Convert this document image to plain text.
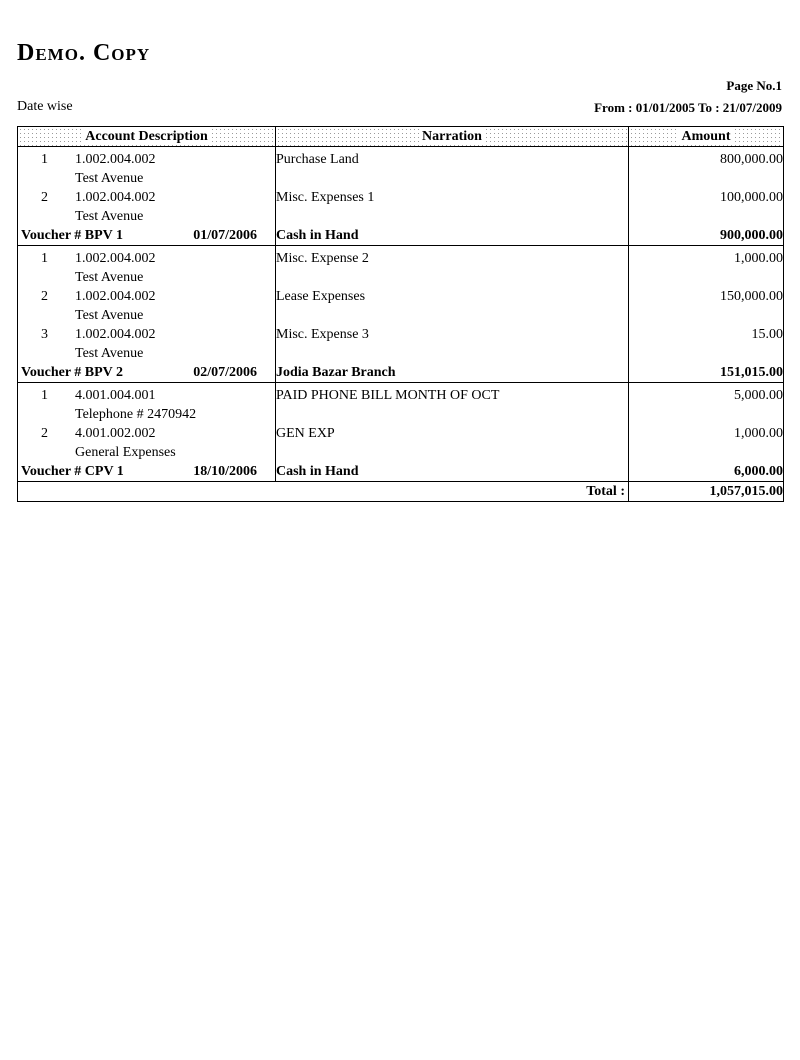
Demo. Copy
Page No.1
Date wise	From : 01/01/2005 To : 21/07/2009
Account Description	Narration	Amount

1 1.002.004.002	Purchase Land	800,000.00
Test Avenue		

2 1.002.004.002	Misc. Expenses 1	100,000.00
Test Avenue		

Voucher # BPV 1 01/07/2006	Cash in Hand	900,000.00

1 1.002.004.002	Misc. Expense 2	1,000.00
Test Avenue		

2 1.002.004.002	Lease Expenses	150,000.00
Test Avenue		

3 1.002.004.002	Misc. Expense 3	15.00
Test Avenue		

Voucher # BPV 2 02/07/2006	Jodia Bazar Branch	151,015.00

1 4.001.004.001	PAID PHONE BILL MONTH OF OCT	5,000.00
Telephone # 2470942		

2 4.001.002.002	GEN EXP	1,000.00
General Expenses		

Voucher # CPV 1 18/10/2006	Cash in Hand	6,000.00
Total :		1,057,015.00
